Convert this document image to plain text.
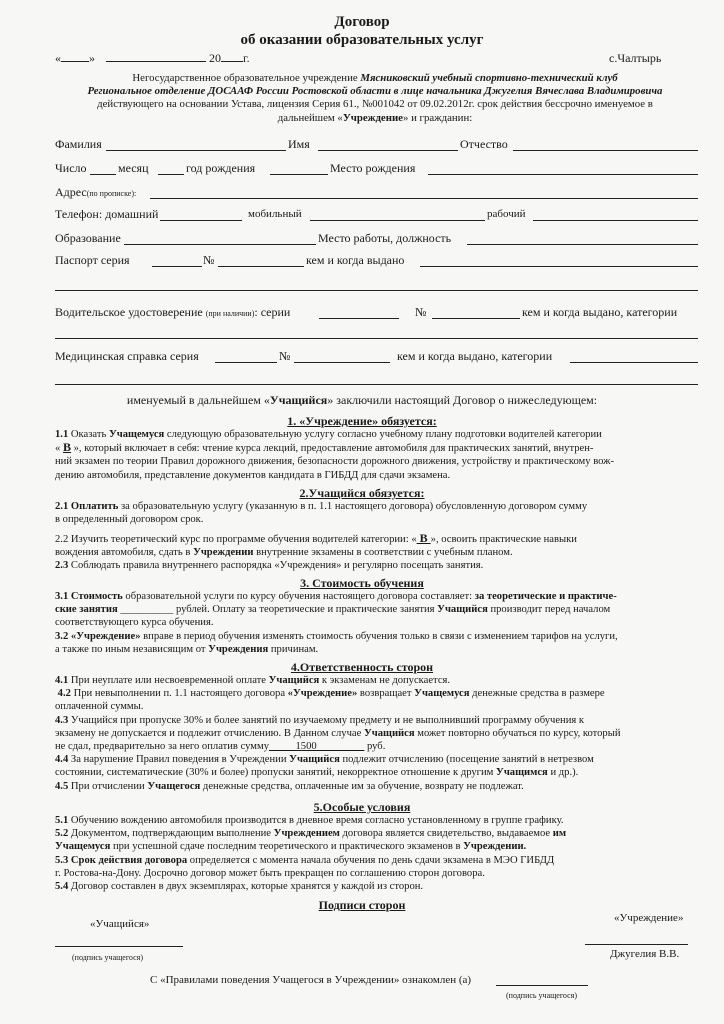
Договор
об оказании образовательных услуг
« »	20 г.	с.Чалтырь
Негосударственное образовательное учреждение Мясниковский учебный спортивно-технический клуб
Региональное отделение ДОСААФ России Ростовской области в лице начальника Джугелия Вячеслава Владимировича
действующего на основании Устава, лицензия Серия 61., №001042 от 09.02.2012г. срок действия бессрочно именуемое в
дальнейшем «Учреждение» и гражданин:
Фамилия	Имя	Отчество
Число	месяц	год рождения	Место рождения
Адрес(по прописке):
Телефон: домашний	мобильный	рабочий
Образование	Место работы, должность
Паспорт серия	№	кем и когда выдано
Водительское удостоверение (при наличии): серии	№	кем и когда выдано, категории
Медицинская справка серия	№	кем и когда выдано, категории
именуемый в дальнейшем «Учащийся» заключили настоящий Договор о нижеследующем:
1. «Учреждение» обязуется:
1.1 Оказать Учащемуся следующую образовательную услугу согласно учебному плану подготовки водителей категории
« В », который включает в себя: чтение курса лекций, предоставление автомобиля для практических занятий, внутрен-
ний экзамен по теории Правил дорожного движения, безопасности дорожного движения, устройству и практическому вож-
дению автомобиля, представление документов кандидата в ГИБДД для сдачи экзамена.
2.Учащийся обязуется:
2.1 Оплатить за образовательную услугу (указанную в п. 1.1 настоящего договора) обусловленную договором сумму
в определенный договором срок.
2.2 Изучить теоретический курс по программе обучения водителей категории: « В », освоить практические навыки
вождения автомобиля, сдать в Учреждении внутренние экзамены в соответствии с учебным планом.
2.3 Соблюдать правила внутреннего распорядка «Учреждения» и регулярно посещать занятия.
3. Стоимость обучения
3.1 Стоимость образовательной услуги по курсу обучения настоящего договора составляет: за теоретические и практиче-
ские занятия __________ рублей. Оплату за теоретические и практические занятия Учащийся производит перед началом
соответствующего курса обучения.
3.2 «Учреждение» вправе в период обучения изменять стоимость обучения только в связи с изменением тарифов на услуги,
а также по иным независящим от Учреждения причинам.
4.Ответственность сторон
4.1 При неуплате или несвоевременной оплате Учащийся к экзаменам не допускается.
4.2 При невыполнении п. 1.1 настоящего договора «Учреждение» возвращает Учащемуся денежные средства в размере
оплаченной суммы.
4.3 Учащийся при пропуске 30% и более занятий по изучаемому предмету и не выполнивший программу обучения к
экзамену не допускается и подлежит отчислению. В Данном случае Учащийся может повторно обучаться по курсу, который
не сдал, предварительно за него оплатив сумму_____1500_________ руб.
4.4 За нарушение Правил поведения в Учреждении Учащийся подлежит отчислению (посещение занятий в нетрезвом
состоянии, систематические (30% и более) пропуски занятий, некорректное отношение к другим Учащимся и др.).
4.5 При отчислении Учащегося денежные средства, оплаченные им за обучение, возврату не подлежат.
5.Особые условия
5.1 Обучению вождению автомобиля производится в дневное время согласно установленному в группе графику.
5.2 Документом, подтверждающим выполнение Учреждением договора является свидетельство, выдаваемое им
Учащемуся при успешной сдаче последним теоретического и практического экзаменов в Учреждении.
5.3 Срок действия договора определяется с момента начала обучения по день сдачи экзамена в МЭО ГИБДД
г. Ростова-на-Дону. Досрочно договор может быть прекращен по соглашению сторон договора.
5.4 Договор составлен в двух экземплярах, которые хранятся у каждой из сторон.
Подписи сторон
«Учащийся»	«Учреждение»
(подпись учащегося)	Джугелия В.В.
С «Правилами поведения Учащегося в Учреждении» ознакомлен (а)
(подпись учащегося)
